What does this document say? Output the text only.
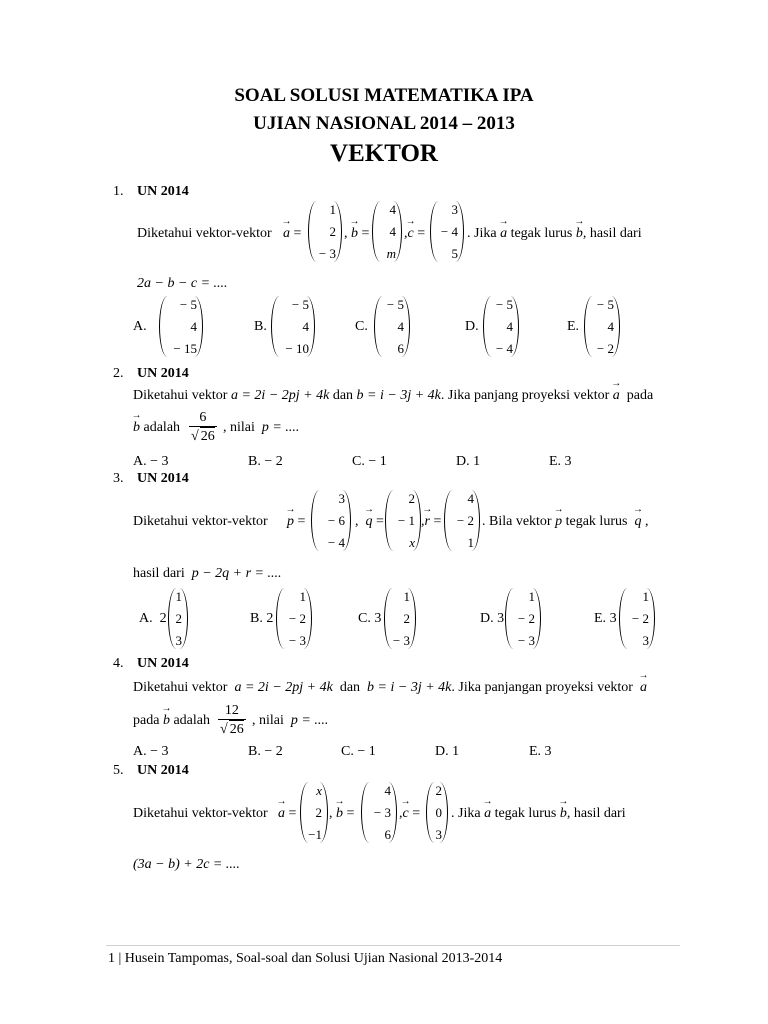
SOAL SOLUSI MATEMATIKA IPA
UJIAN NASIONAL 2014 – 2013
VEKTOR
1. UN 2014
Diketahui vektor-vektor → a =
1
2
− 3
, → b =
4
4
m
,→ c =
3
− 4
5
. Jika → a tegak lurus → b, hasil dari
2a − b − c = ....
A.
− 5
4
− 15
B.
− 5
4
− 10
C.
− 5
4
6
D.
− 5
4
− 4
E.
− 5
4
− 2
2. UN 2014
Diketahui vektor a = 2i − 2pj + 4k dan b = i − 3j + 4k. Jika panjang proyeksi vektor → a pada
→ b adalah $\frac{6}{√ 26}$ , nilai p = ....
A. − 3	B. − 2	C. − 1	D. 1	E. 3
3. UN 2014
Diketahui vektor-vektor → p =
3
− 6
− 4
,  → q =
2
− 1
x
,→ r =
4
− 2
1
. Bila vektor → p tegak lurus → q ,
hasil dari p − 2q + r = ....
A. 2
1
2
3
B. 2
1
− 2
− 3
C. 3
1
2
− 3
D. 3
1
− 2
− 3
E. 3
1
− 2
3
4. UN 2014
Diketahui vektor a = 2i − 2pj + 4k dan b = i − 3j + 4k. Jika panjangan proyeksi vektor → a
pada → b adalah $\frac{12}{√ 26}$ , nilai p = ....
A. − 3	B. − 2	C. − 1	D. 1	E. 3
5. UN 2014
Diketahui vektor-vektor → a =
x
2
−1
, → b =
4
− 3
6
,→ c =
2
0
3
. Jika → a tegak lurus → b, hasil dari
(3a − b) + 2c = ....
1 | Husein Tampomas, Soal-soal dan Solusi Ujian Nasional 2013-2014
